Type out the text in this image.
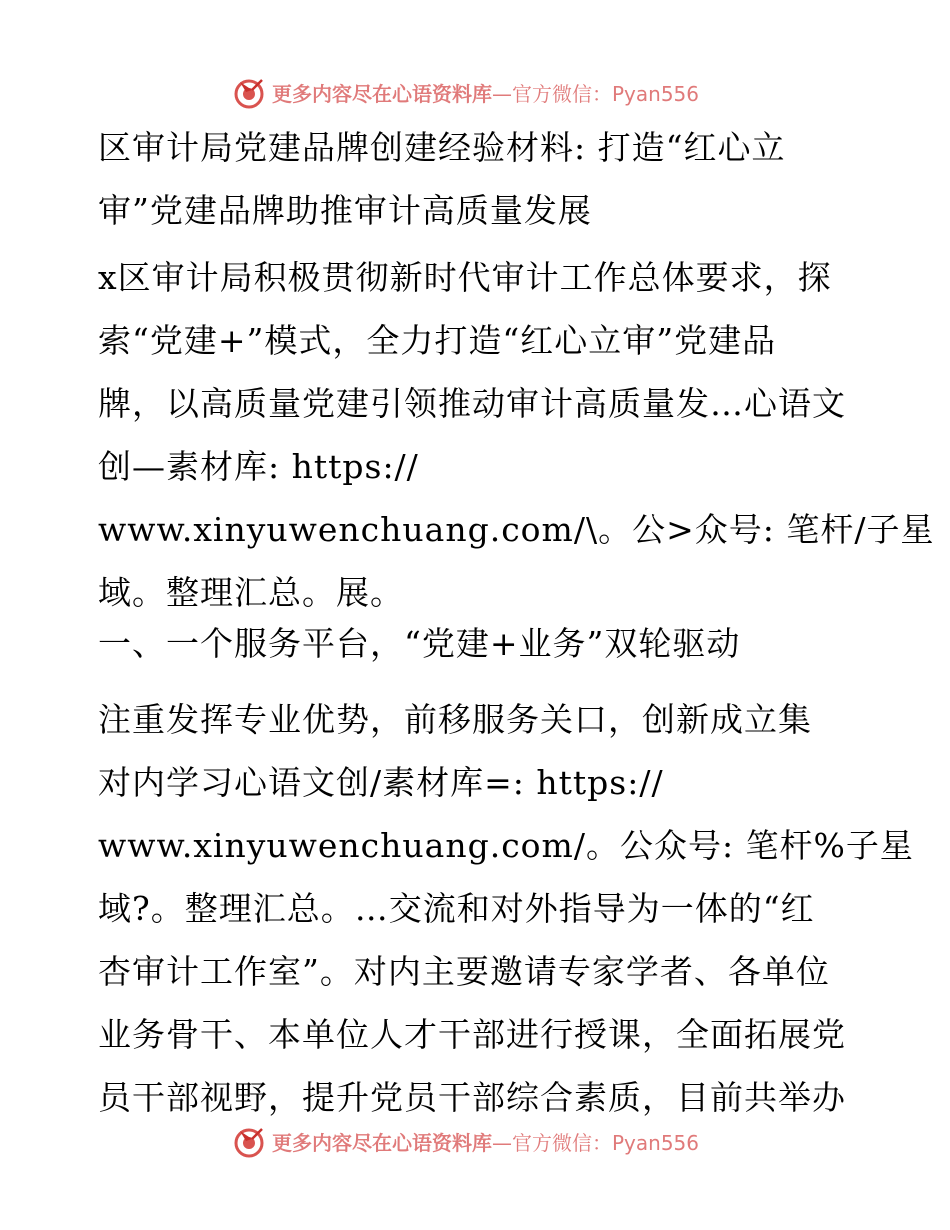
更多内容尽在心语资料库—官方微信：Pyan556
区审计局党建品牌创建经验材料: 打造“红心立
审”党建品牌助推审计高质量发展
x区审计局积极贯彻新时代审计工作总体要求，探
索“党建+”模式，全力打造“红心立审”党建品
牌，以高质量党建引领推动审计高质量发…心语文
创—素材库: https://
www.xinyuwenchuang.com/\。公>众号: 笔杆/子星
域。整理汇总。展。
一、一个服务平台，“党建+业务”双轮驱动
注重发挥专业优势，前移服务关口，创新成立集
对内学习心语文创/素材库=: https://
www.xinyuwenchuang.com/。公众号: 笔杆%子星
域?。整理汇总。…交流和对外指导为一体的“红
杏审计工作室”。对内主要邀请专家学者、各单位
业务骨干、本单位人才干部进行授课，全面拓展党
员干部视野，提升党员干部综合素质，目前共举办
更多内容尽在心语资料库—官方微信：Pyan556
